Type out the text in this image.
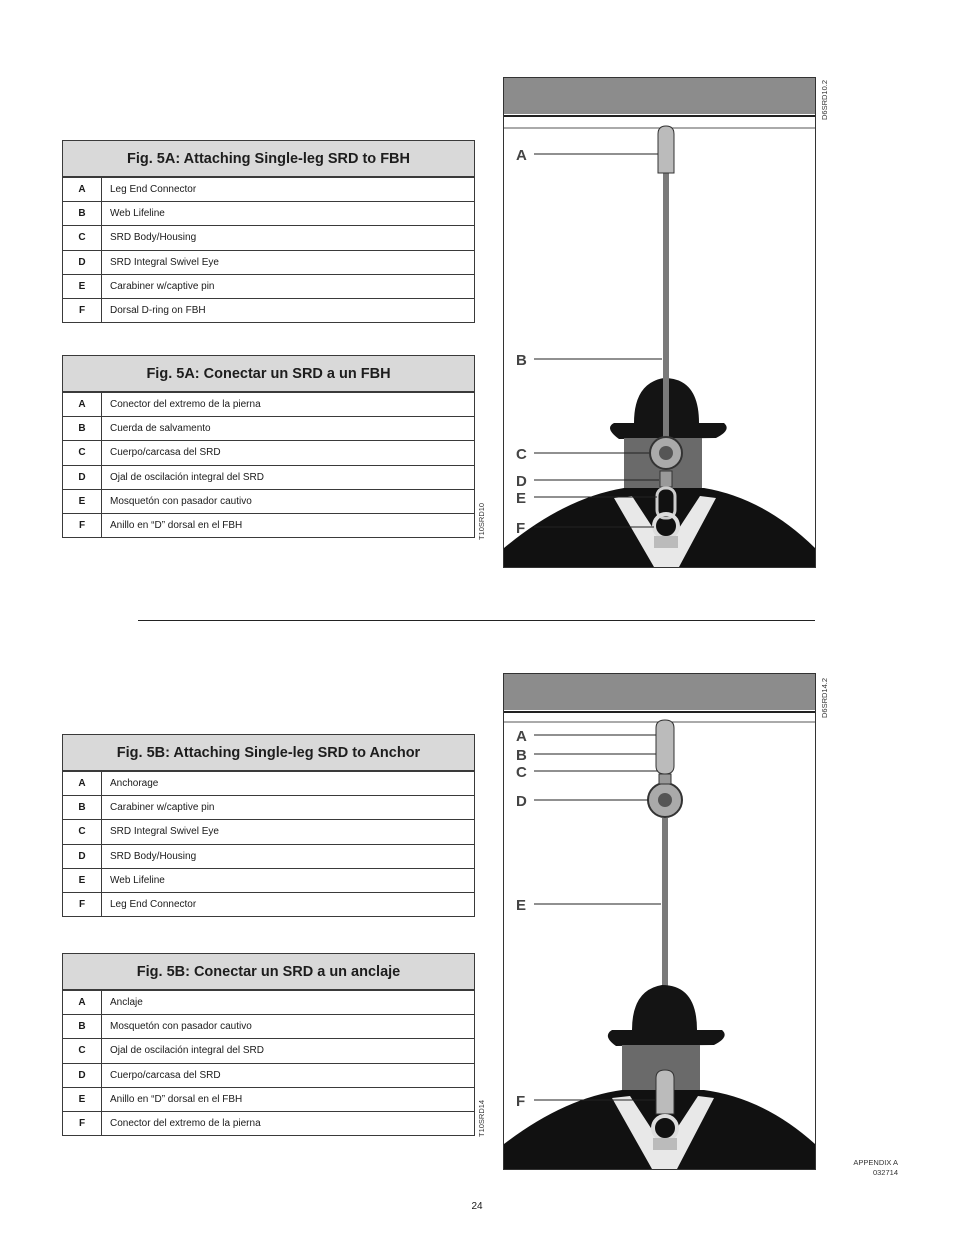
Fig. 5A: Attaching Single-leg SRD to FBH
A	Leg End Connector
B	Web Lifeline
C	SRD Body/Housing
D	SRD Integral Swivel Eye
E	Carabiner w/captive pin
F	Dorsal D-ring on FBH
Fig. 5A: Conectar un SRD a un FBH
A	Conector del extremo de la pierna
B	Cuerda de salvamento
C	Cuerpo/carcasa del SRD
D	Ojal de oscilación integral del SRD
E	Mosquetón con pasador cautivo
F	Anillo en “D” dorsal en el FBH	T10SRD10
A
B
C
D
E
F
D6SRD10.2
Fig. 5B: Attaching Single-leg SRD to Anchor
A	Anchorage
B	Carabiner w/captive pin
C	SRD Integral Swivel Eye
D	SRD Body/Housing
E	Web Lifeline
F	Leg End Connector
Fig. 5B: Conectar un SRD a un anclaje
A	Anclaje
B	Mosquetón con pasador cautivo
C	Ojal de oscilación integral del SRD
D	Cuerpo/carcasa del SRD
E	Anillo en “D” dorsal en el FBH
F	Conector del extremo de la pierna	T10SRD14
A
B
C
D
E
F
D6SRD14.2
APPENDIX A
032714
24
